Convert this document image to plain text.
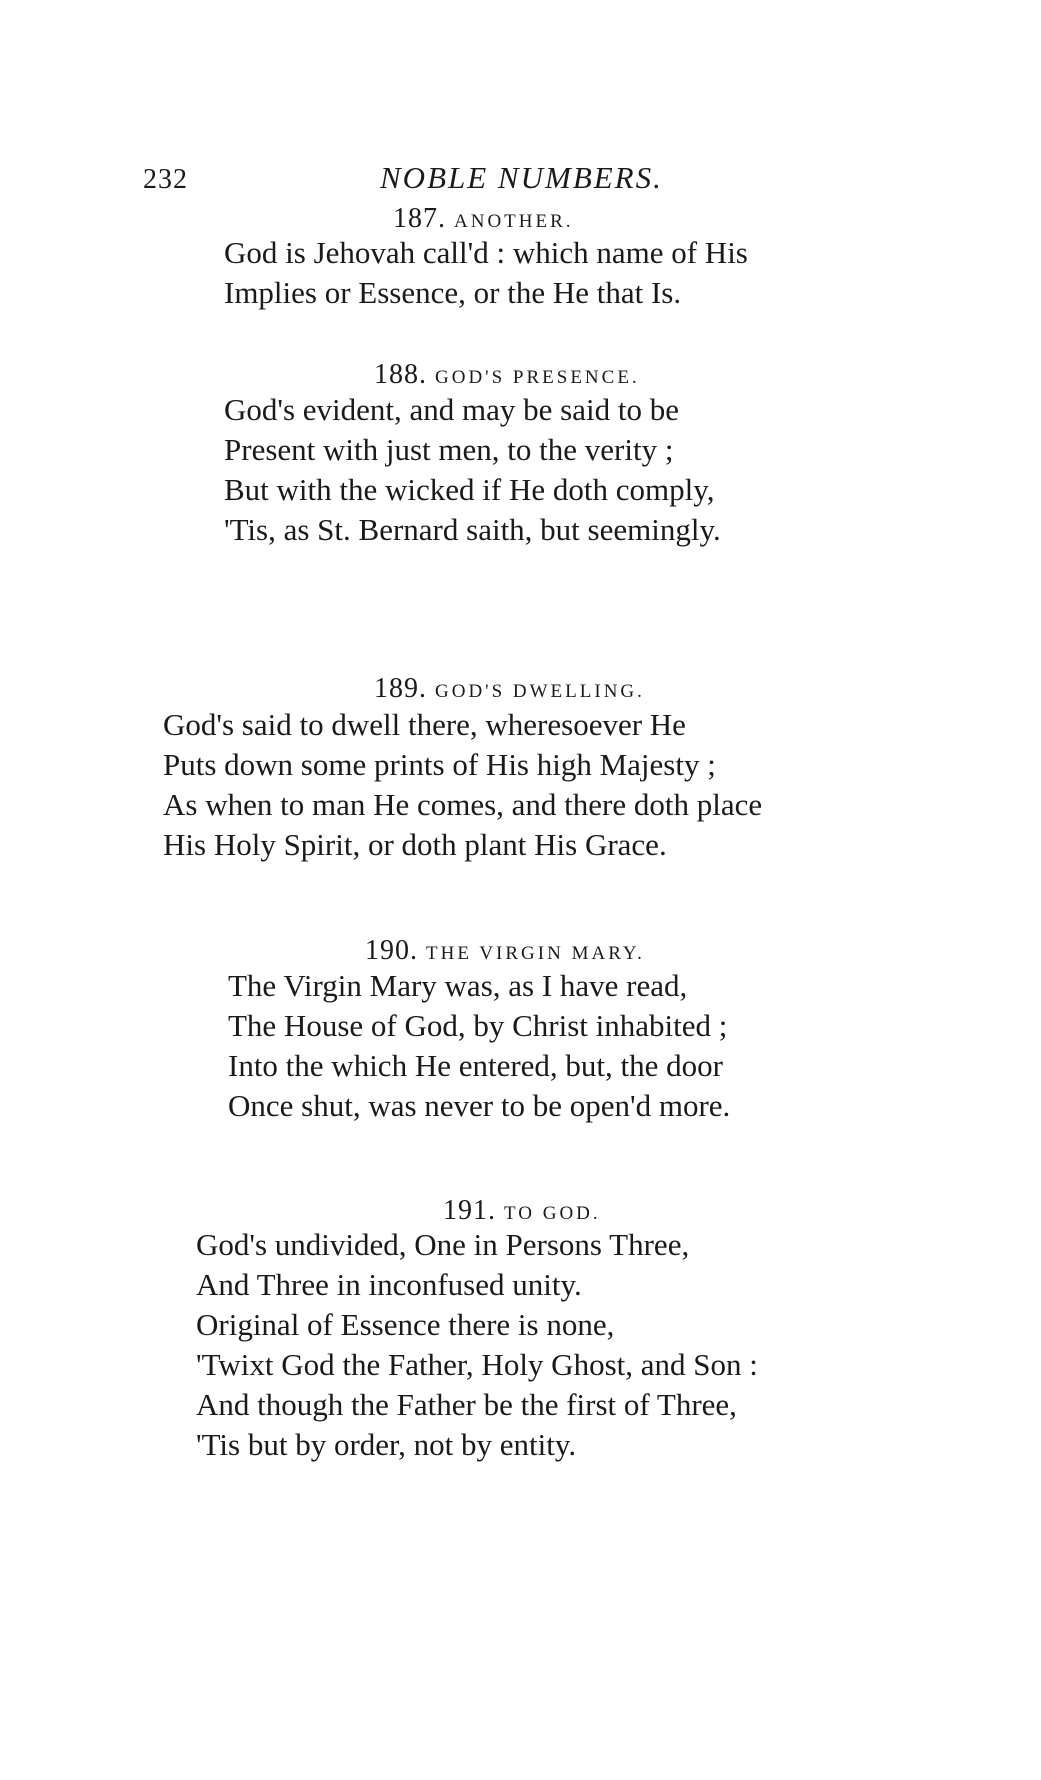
232	NOBLE NUMBERS.
187. ANOTHER.
God is Jehovah call'd : which name of His
Implies or Essence, or the He that Is.
188. GOD'S PRESENCE.
God's evident, and may be said to be
Present with just men, to the verity ;
But with the wicked if He doth comply,
'Tis, as St. Bernard saith, but seemingly.
189. GOD'S DWELLING.
God's said to dwell there, wheresoever He
Puts down some prints of His high Majesty ;
As when to man He comes, and there doth place
His Holy Spirit, or doth plant His Grace.
190. THE VIRGIN MARY.
The Virgin Mary was, as I have read,
The House of God, by Christ inhabited ;
Into the which He entered, but, the door
Once shut, was never to be open'd more.
191. TO GOD.
God's undivided, One in Persons Three,
And Three in inconfused unity.
Original of Essence there is none,
'Twixt God the Father, Holy Ghost, and Son :
And though the Father be the first of Three,
'Tis but by order, not by entity.
